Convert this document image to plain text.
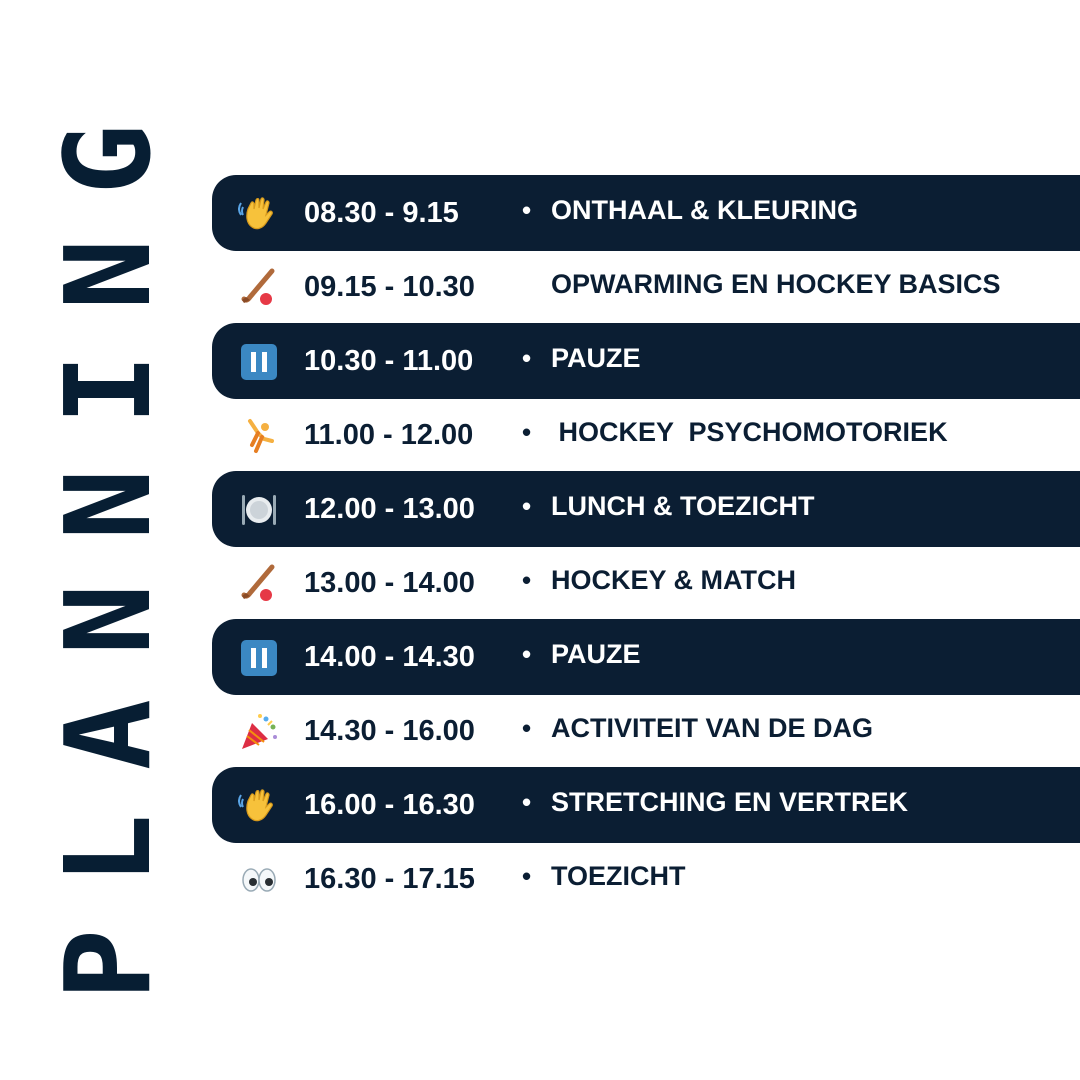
PLANNING	08.30 - 9.15 • ONTHAAL & KLEURING
09.15 - 10.30	OPWARMING EN HOCKEY BASICS
10.30 - 11.00 • PAUZE
11.00 - 12.00 • HOCKEY  PSYCHOMOTORIEK
12.00 - 13.00 • LUNCH & TOEZICHT
13.00 - 14.00 • HOCKEY & MATCH
14.00 - 14.30 • PAUZE
14.30 - 16.00 • ACTIVITEIT VAN DE DAG
16.00 - 16.30 • STRETCHING EN VERTREK
16.30 - 17.15 • TOEZICHT
